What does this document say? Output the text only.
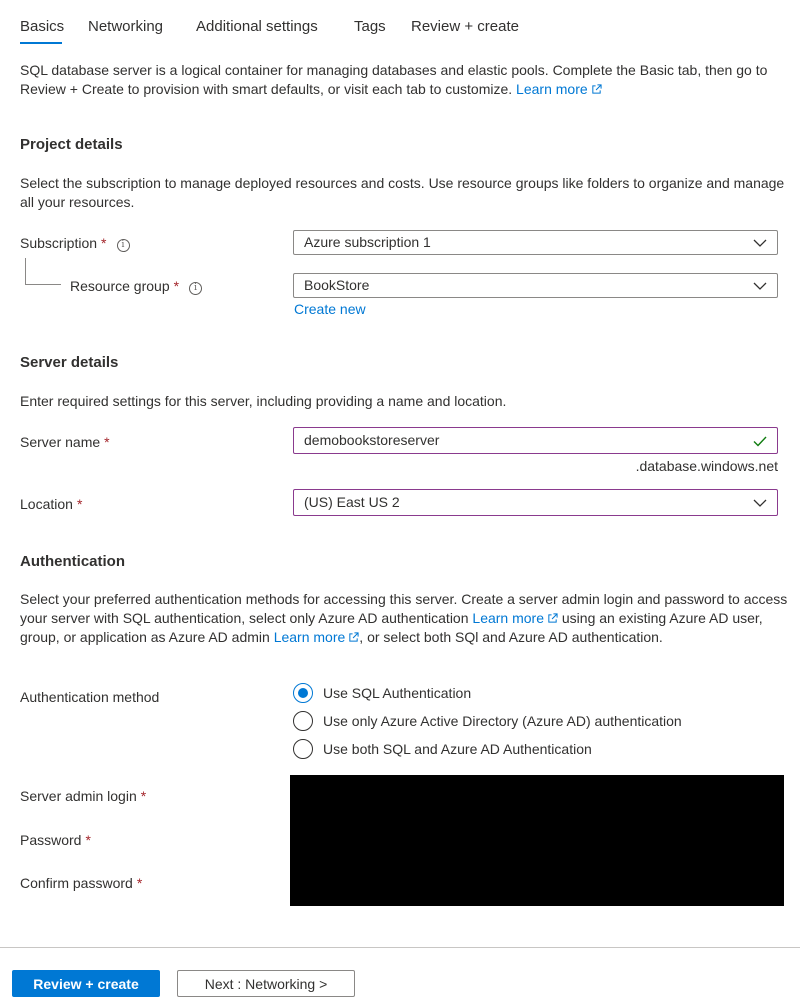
Basics Networking Additional settings Tags Review + create
SQL database server is a logical container for managing databases and elastic pools. Complete the Basic tab, then go to Review + Create to provision with smart defaults, or visit each tab to customize. Learn more
Project details
Select the subscription to manage deployed resources and costs. Use resource groups like folders to organize and manage all your resources.
Subscription * i	Azure subscription 1
Resource group * i	BookStore
Create new
Server details
Enter required settings for this server, including providing a name and location.
Server name *	demobookstoreserver
.database.windows.net
Location *	(US) East US 2
Authentication
Select your preferred authentication methods for accessing this server. Create a server admin login and password to access your server with SQL authentication, select only Azure AD authentication Learn more using an existing Azure AD user, group, or application as Azure AD admin Learn more , or select both SQl and Azure AD authentication.
Authentication method	Use SQL Authentication
Use only Azure Active Directory (Azure AD) authentication
Use both SQL and Azure AD Authentication
Server admin login *
Password *
Confirm password *
Review + create	Next : Networking >
